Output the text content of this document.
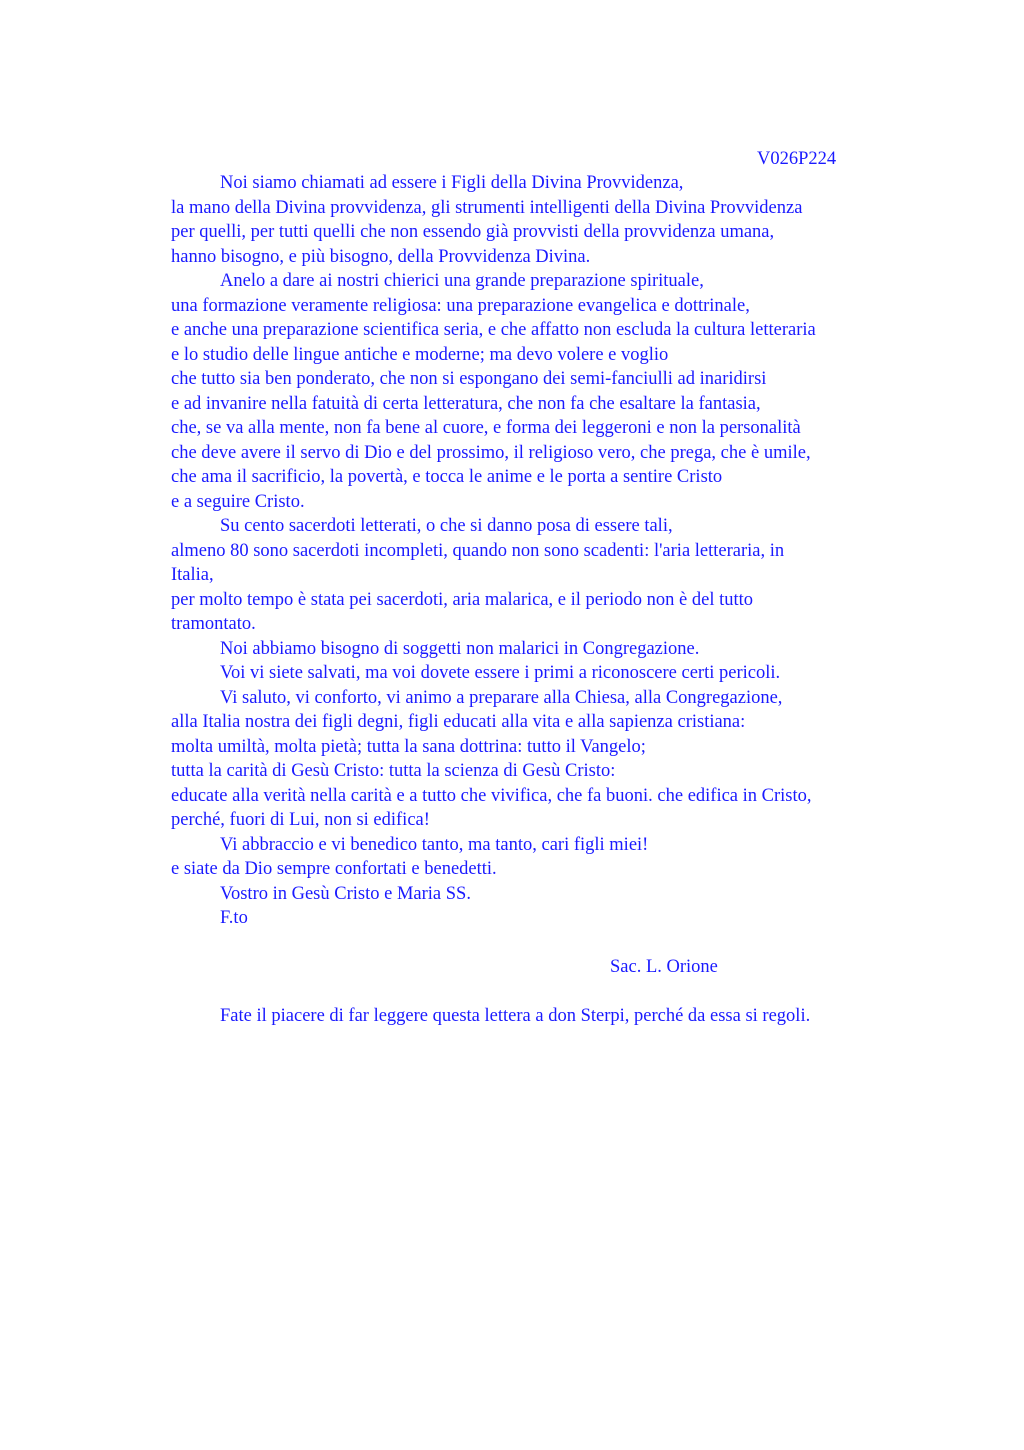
V026P224
Noi siamo chiamati ad essere i Figli della Divina Provvidenza,
la mano della Divina provvidenza, gli strumenti intelligenti della Divina Provvidenza
per quelli, per tutti quelli che non essendo già provvisti della provvidenza umana,
hanno bisogno, e più bisogno, della Provvidenza Divina.
Anelo a dare ai nostri chierici una grande preparazione spirituale,
una formazione veramente religiosa: una preparazione evangelica e dottrinale,
e anche una preparazione scientifica seria, e che affatto non escluda la cultura letteraria
e lo studio delle lingue antiche e moderne; ma devo volere e voglio
che tutto sia ben ponderato, che non si espongano dei semi-fanciulli ad inaridirsi
e ad invanire nella fatuità di certa letteratura, che non fa che esaltare la fantasia,
che, se va alla mente, non fa bene al cuore, e forma dei leggeroni e non la personalità
che deve avere il servo di Dio e del prossimo, il religioso vero, che prega, che è umile,
che ama il sacrificio, la povertà, e tocca le anime e le porta a sentire Cristo
e a seguire Cristo.
Su cento sacerdoti letterati, o che si danno posa di essere tali,
almeno 80 sono sacerdoti incompleti, quando non sono scadenti: l'aria letteraria, in
Italia,
per molto tempo è stata pei sacerdoti, aria malarica, e il periodo non è del tutto
tramontato.
Noi abbiamo bisogno di soggetti non malarici in Congregazione.
Voi vi siete salvati, ma voi dovete essere i primi a riconoscere certi pericoli.
Vi saluto, vi conforto, vi animo a preparare alla Chiesa, alla Congregazione,
alla Italia nostra dei figli degni, figli educati alla vita e alla sapienza cristiana:
molta umiltà, molta pietà; tutta la sana dottrina: tutto il Vangelo;
tutta la carità di Gesù Cristo: tutta la scienza di Gesù Cristo:
educate alla verità nella carità e a tutto che vivifica, che fa buoni. che edifica in Cristo,
perché, fuori di Lui, non si edifica!
Vi abbraccio e vi benedico tanto, ma tanto, cari figli miei!
e siate da Dio sempre confortati e benedetti.
Vostro in Gesù Cristo e Maria SS.
F.to
Sac. L. Orione
Fate il piacere di far leggere questa lettera a don Sterpi, perché da essa si regoli.
